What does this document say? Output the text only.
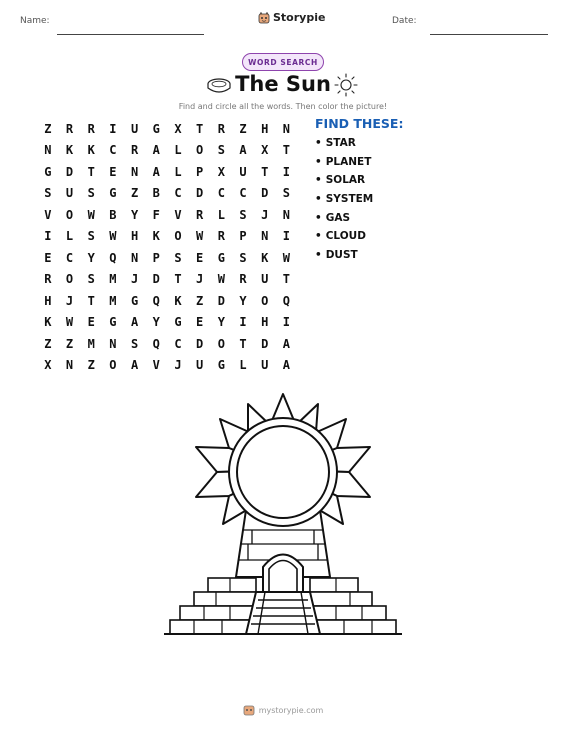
Name:	Storypie	Date:
WORD SEARCH
The Sun
Find and circle all the words. Then color the picture!
Z	R	R	I	U	G	X	T	R	Z	H	N
N	K	K	C	R	A	L	O	S	A	X	T
G	D	T	E	N	A	L	P	X	U	T	I
S	U	S	G	Z	B	C	D	C	C	D	S
V	O	W	B	Y	F	V	R	L	S	J	N
I	L	S	W	H	K	O	W	R	P	N	I
E	C	Y	Q	N	P	S	E	G	S	K	W
R	O	S	M	J	D	T	J	W	R	U	T
H	J	T	M	G	Q	K	Z	D	Y	O	Q
K	W	E	G	A	Y	G	E	Y	I	H	I
Z	Z	M	N	S	Q	C	D	O	T	D	A
X	N	Z	O	A	V	J	U	G	L	U	A
FIND THESE:
• STAR
• PLANET
• SOLAR
• SYSTEM
• GAS
• CLOUD
• DUST
mystorypie.com
